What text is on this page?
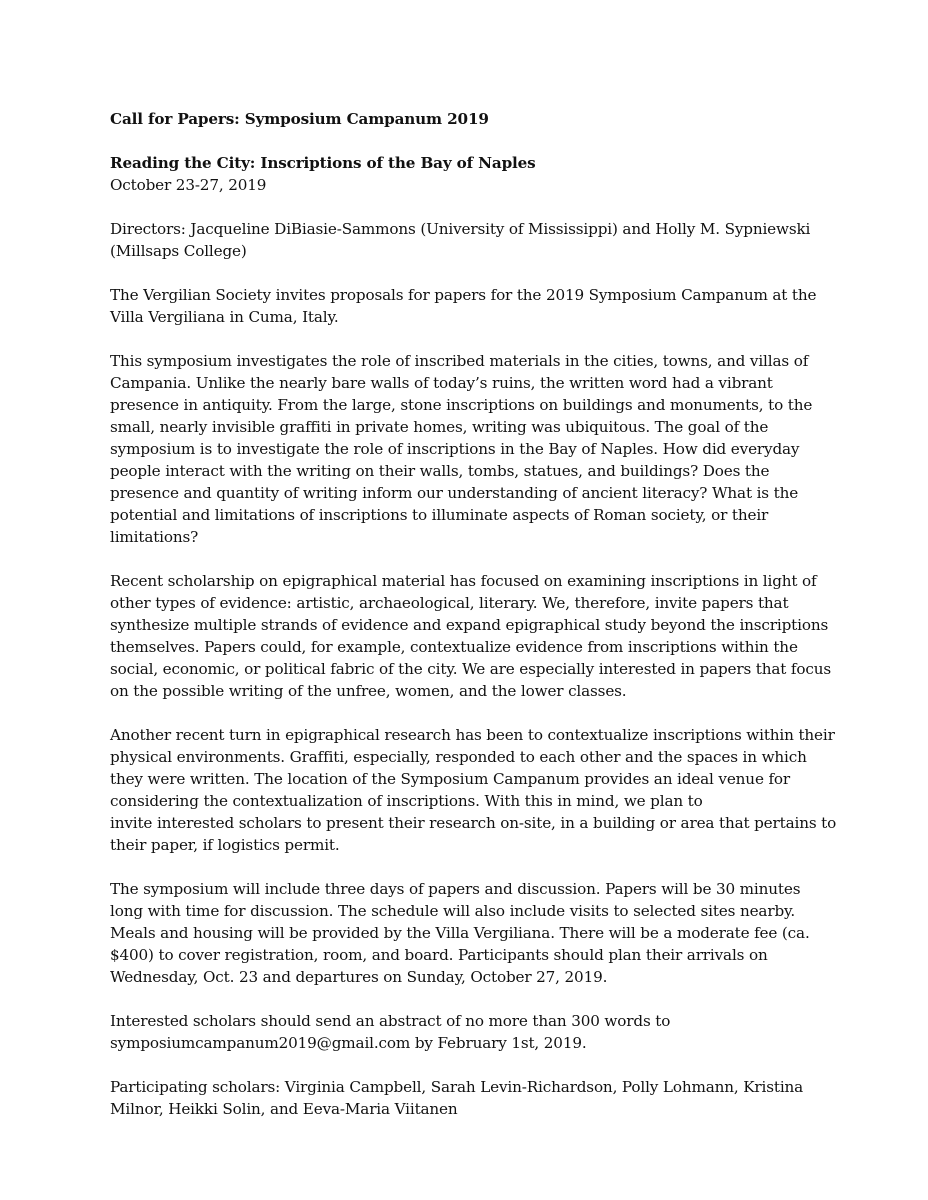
Call for Papers: Symposium Campanum 2019

Reading the City: Inscriptions of the Bay of Naples

October 23-27, 2019

Directors: Jacqueline DiBiasie-Sammons (University of Mississippi) and Holly M. Sypniewski
(Millsaps College)
The Vergilian Society invites proposals for papers for the 2019 Symposium Campanum at the
Villa Vergiliana in Cuma, Italy.
This symposium investigates the role of inscribed materials in the cities, towns, and villas of
Campania. Unlike the nearly bare walls of today’s ruins, the written word had a vibrant
presence in antiquity. From the large, stone inscriptions on buildings and monuments, to the
small, nearly invisible graffiti in private homes, writing was ubiquitous. The goal of the
symposium is to investigate the role of inscriptions in the Bay of Naples. How did everyday
people interact with the writing on their walls, tombs, statues, and buildings? Does the
presence and quantity of writing inform our understanding of ancient literacy? What is the
potential and limitations of inscriptions to illuminate aspects of Roman society, or their
limitations?
Recent scholarship on epigraphical material has focused on examining inscriptions in light of
other types of evidence: artistic, archaeological, literary. We, therefore, invite papers that
synthesize multiple strands of evidence and expand epigraphical study beyond the inscriptions
themselves. Papers could, for example, contextualize evidence from inscriptions within the
social, economic, or political fabric of the city. We are especially interested in papers that focus
on the possible writing of the unfree, women, and the lower classes.
Another recent turn in epigraphical research has been to contextualize inscriptions within their
physical environments. Graffiti, especially, responded to each other and the spaces in which
they were written. The location of the Symposium Campanum provides an ideal venue for
considering the contextualization of inscriptions. With this in mind, we plan to
invite interested scholars to present their research on-site, in a building or area that pertains to
their paper, if logistics permit.
The symposium will include three days of papers and discussion. Papers will be 30 minutes
long with time for discussion. The schedule will also include visits to selected sites nearby.
Meals and housing will be provided by the Villa Vergiliana. There will be a moderate fee (ca.
$400) to cover registration, room, and board. Participants should plan their arrivals on
Wednesday, Oct. 23 and departures on Sunday, October 27, 2019.
Interested scholars should send an abstract of no more than 300 words to
symposiumcampanum2019@gmail.com by February 1st, 2019.
Participating scholars: Virginia Campbell, Sarah Levin-Richardson, Polly Lohmann, Kristina
Milnor, Heikki Solin, and Eeva-Maria Viitanen
